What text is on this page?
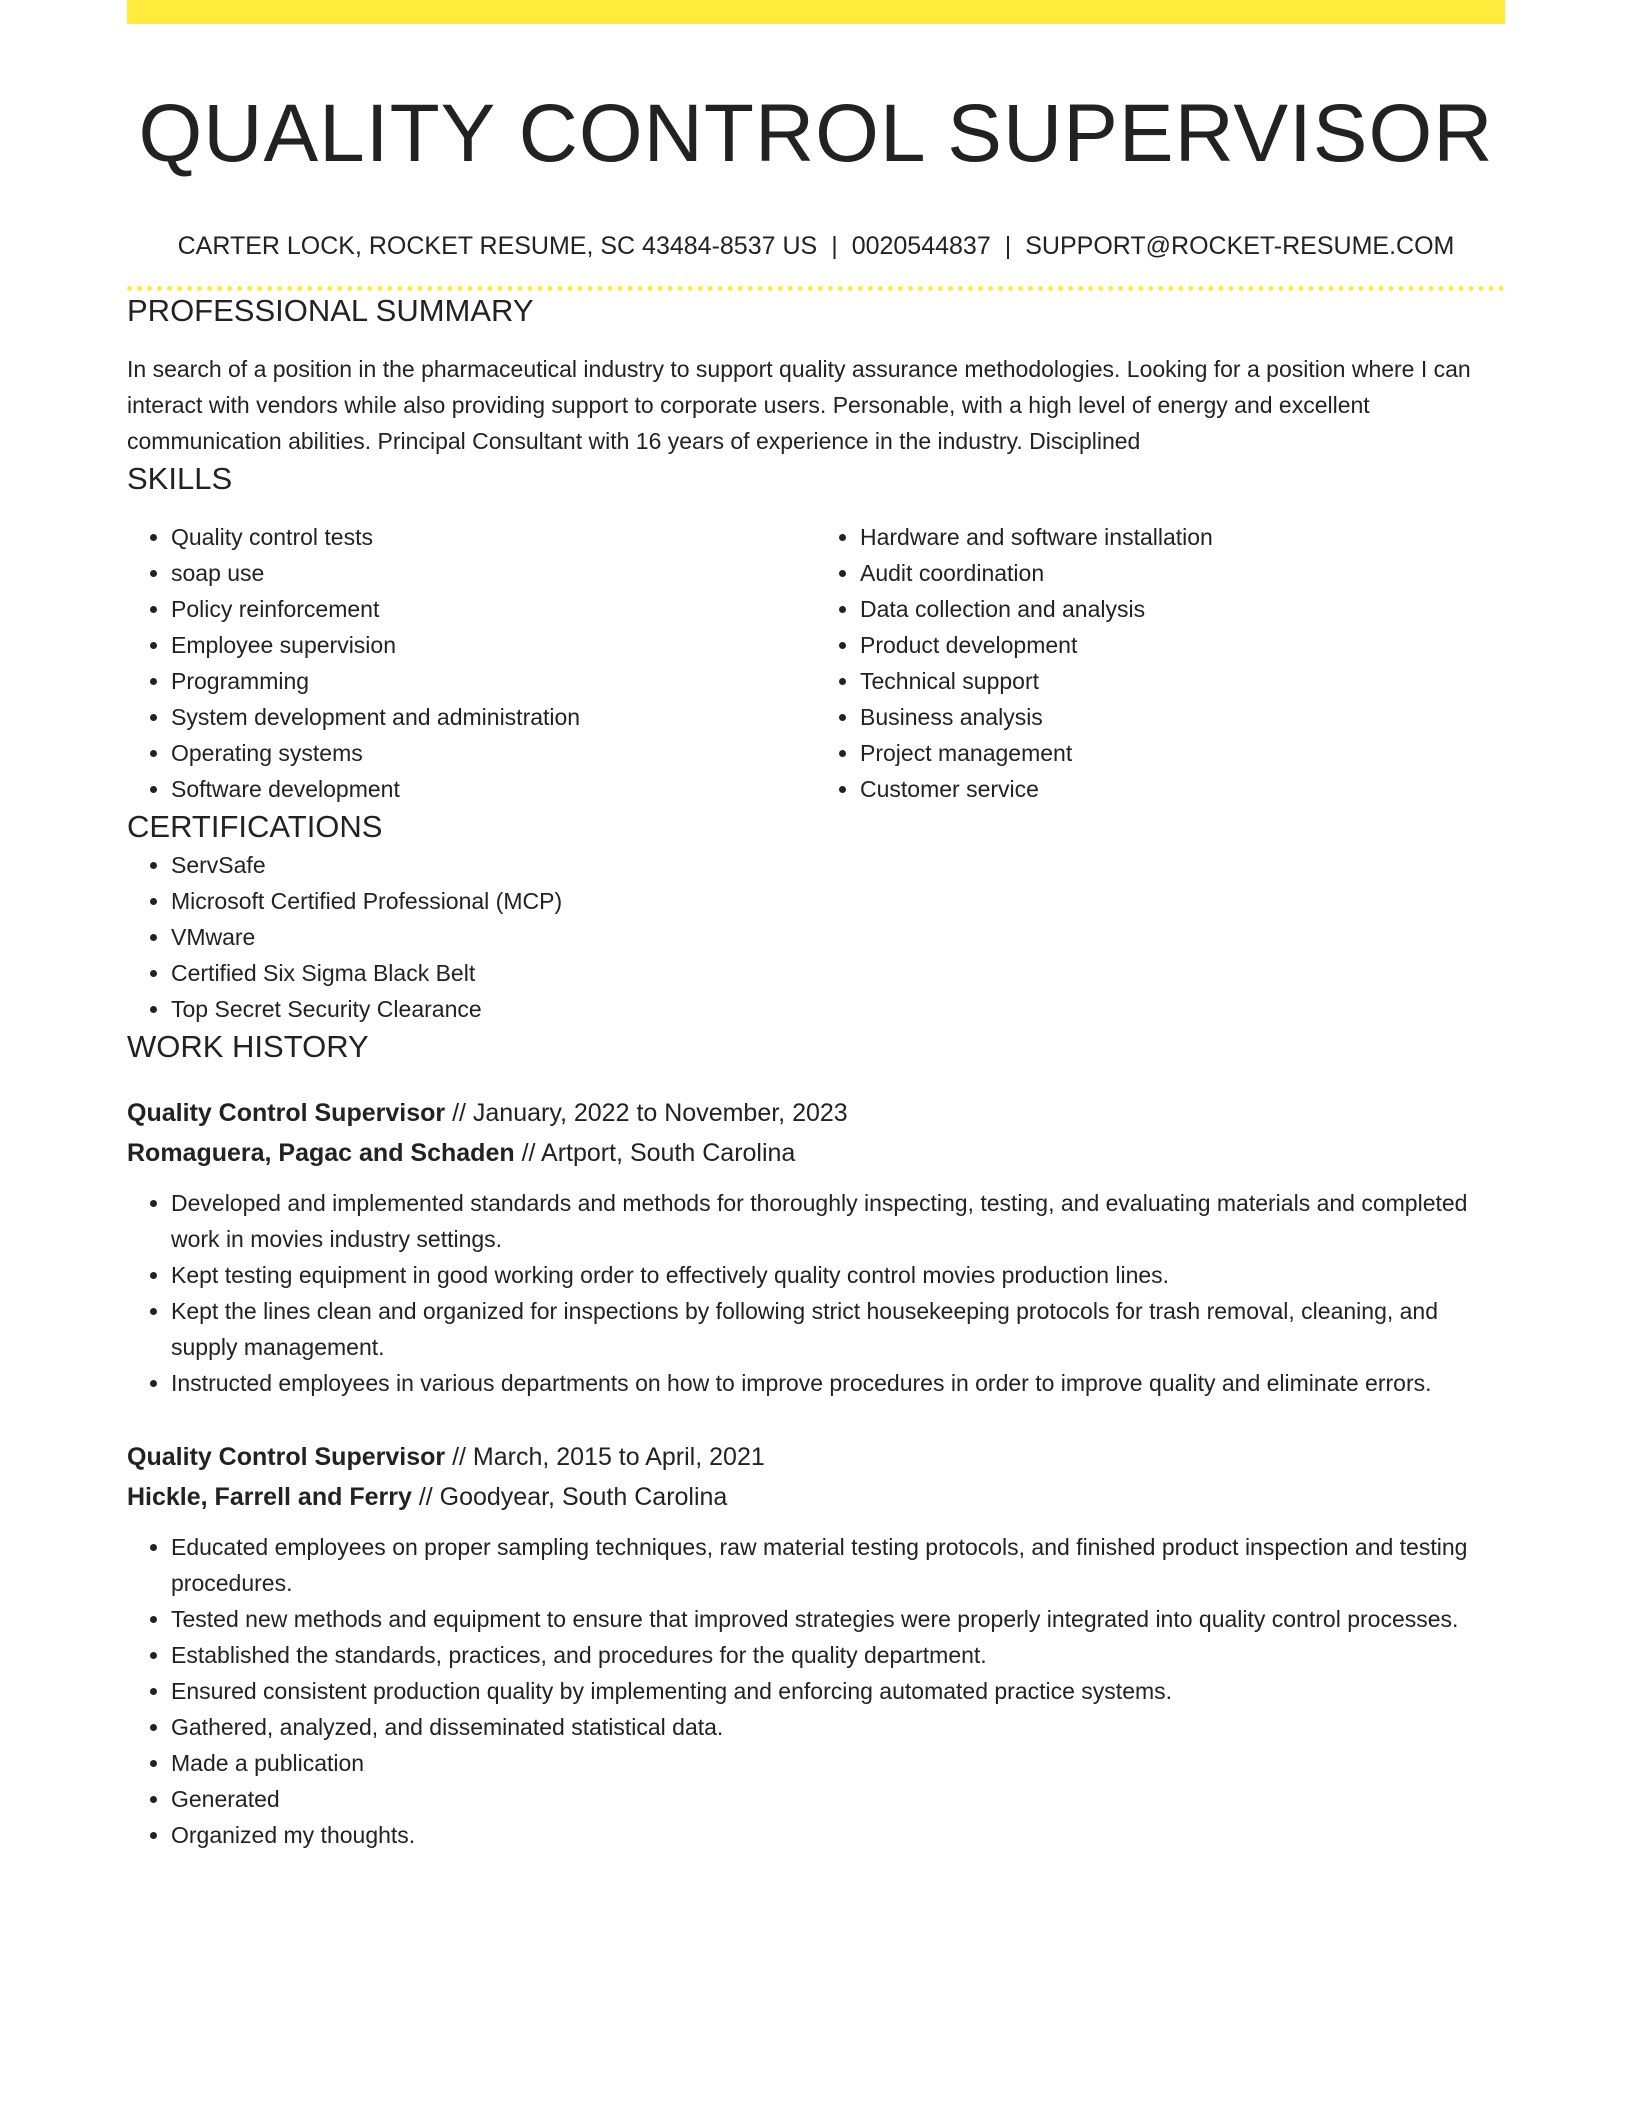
QUALITY CONTROL SUPERVISOR
CARTER LOCK, ROCKET RESUME, SC 43484-8537 US | 0020544837 | SUPPORT@ROCKET-RESUME.COM
PROFESSIONAL SUMMARY

In search of a position in the pharmaceutical industry to support quality assurance methodologies. Looking for a position where I can interact with vendors while also providing support to corporate users. Personable, with a high level of energy and excellent communication abilities. Principal Consultant with 16 years of experience in the industry. Disciplined

SKILLS
• Quality control tests
• soap use
• Policy reinforcement
• Employee supervision
• Programming
• System development and administration
• Operating systems
• Software development
• Hardware and software installation
• Audit coordination
• Data collection and analysis
• Product development
• Technical support
• Business analysis
• Project management
• Customer service
CERTIFICATIONS
• ServSafe
• Microsoft Certified Professional (MCP)
• VMware
• Certified Six Sigma Black Belt
• Top Secret Security Clearance
WORK HISTORY
Quality Control Supervisor // January, 2022 to November, 2023
Romaguera, Pagac and Schaden // Artport, South Carolina
• Developed and implemented standards and methods for thoroughly inspecting, testing, and evaluating materials and completed work in movies industry settings.
• Kept testing equipment in good working order to effectively quality control movies production lines.
• Kept the lines clean and organized for inspections by following strict housekeeping protocols for trash removal, cleaning, and supply management.
• Instructed employees in various departments on how to improve procedures in order to improve quality and eliminate errors.
Quality Control Supervisor // March, 2015 to April, 2021
Hickle, Farrell and Ferry // Goodyear, South Carolina
• Educated employees on proper sampling techniques, raw material testing protocols, and finished product inspection and testing procedures.
• Tested new methods and equipment to ensure that improved strategies were properly integrated into quality control processes.
• Established the standards, practices, and procedures for the quality department.
• Ensured consistent production quality by implementing and enforcing automated practice systems.
• Gathered, analyzed, and disseminated statistical data.
• Made a publication
• Generated
• Organized my thoughts.
